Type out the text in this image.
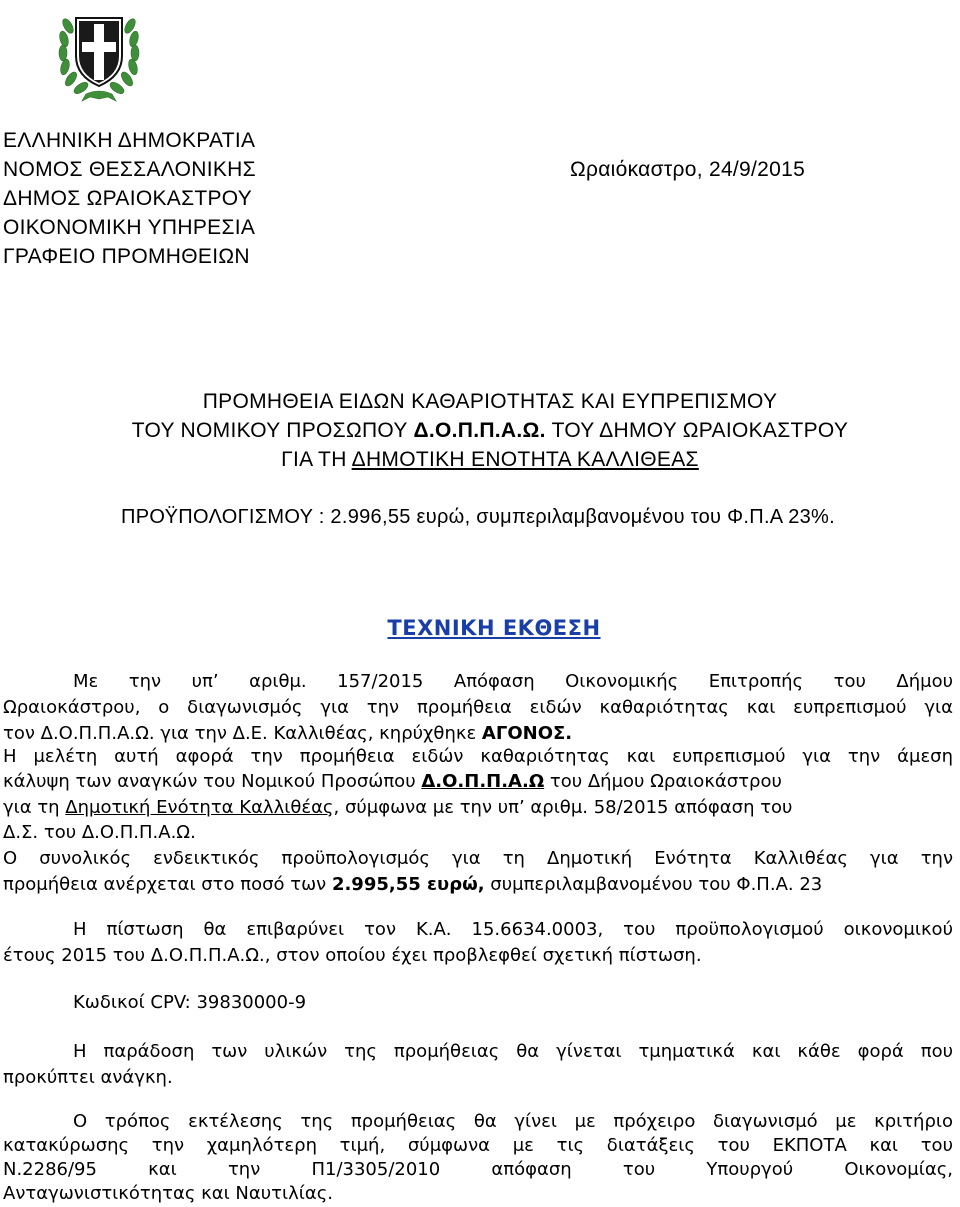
ΕΛΛΗΝΙΚΗ ΔΗΜΟΚΡΑΤΙΑ
ΝΟΜΟΣ ΘΕΣΣΑΛΟΝΙΚΗΣ
ΔΗΜΟΣ ΩΡΑΙΟΚΑΣΤΡΟΥ
ΟΙΚΟΝΟΜΙΚΗ ΥΠΗΡΕΣΙΑ
ΓΡΑΦΕΙΟ ΠΡΟΜΗΘΕΙΩΝ
Ωραιόκαστρο, 24/9/2015
ΠΡΟΜΗΘΕΙΑ ΕΙΔΩΝ ΚΑΘΑΡΙΟΤΗΤΑΣ ΚΑΙ ΕΥΠΡΕΠΙΣΜΟΥ
ΤΟΥ ΝΟΜΙΚΟΥ ΠΡΟΣΩΠΟΥ Δ.Ο.Π.Π.Α.Ω. ΤΟΥ ΔΗΜΟΥ ΩΡΑΙΟΚΑΣΤΡΟΥ
ΓΙΑ ΤΗ ΔΗΜΟΤΙΚΗ ΕΝΟΤΗΤΑ ΚΑΛΛΙΘΕΑΣ
ΠΡΟΫΠΟΛΟΓΙΣΜΟΥ : 2.996,55 ευρώ, συμπεριλαμβανομένου του Φ.Π.Α 23%.
ΤΕΧΝΙΚΗ ΕΚΘΕΣΗ
Με την υπ’ αριθμ. 157/2015 Απόφαση Οικονομικής Επιτροπής του Δήμου
Ωραιοκάστρου, ο διαγωνισμός για την προμήθεια ειδών καθαριότητας και ευπρεπισμού για
τον Δ.Ο.Π.Π.Α.Ω. για την Δ.Ε. Καλλιθέας, κηρύχθηκε ΑΓΟΝΟΣ.
Η μελέτη αυτή αφορά την προμήθεια ειδών καθαριότητας και ευπρεπισμού για την άμεση
κάλυψη των αναγκών του Νομικού Προσώπου Δ.Ο.Π.Π.Α.Ω του Δήμου Ωραιοκάστρου
για τη Δημοτική Ενότητα Καλλιθέας, σύμφωνα με την υπ’ αριθμ. 58/2015 απόφαση του
Δ.Σ. του Δ.Ο.Π.Π.Α.Ω.
Ο συνολικός ενδεικτικός προϋπολογισμός για τη Δημοτική Ενότητα Καλλιθέας για την
προμήθεια ανέρχεται στο ποσό των 2.995,55 ευρώ, συμπεριλαμβανομένου του Φ.Π.Α. 23
Η πίστωση θα επιβαρύνει τον Κ.Α. 15.6634.0003, του προϋπολογισμού οικονομικού
έτους 2015 του Δ.Ο.Π.Π.Α.Ω., στον οποίου έχει προβλεφθεί σχετική πίστωση.
Κωδικοί CPV: 39830000-9
Η παράδοση των υλικών της προμήθειας θα γίνεται τμηματικά και κάθε φορά που
προκύπτει ανάγκη.
Ο τρόπος εκτέλεσης της προμήθειας θα γίνει με πρόχειρο διαγωνισμό με κριτήριο
κατακύρωσης την χαμηλότερη τιμή, σύμφωνα με τις διατάξεις του ΕΚΠΟΤΑ και του
Ν.2286/95 και την Π1/3305/2010 απόφαση του Υπουργού Οικονομίας,
Ανταγωνιστικότητας και Ναυτιλίας.
